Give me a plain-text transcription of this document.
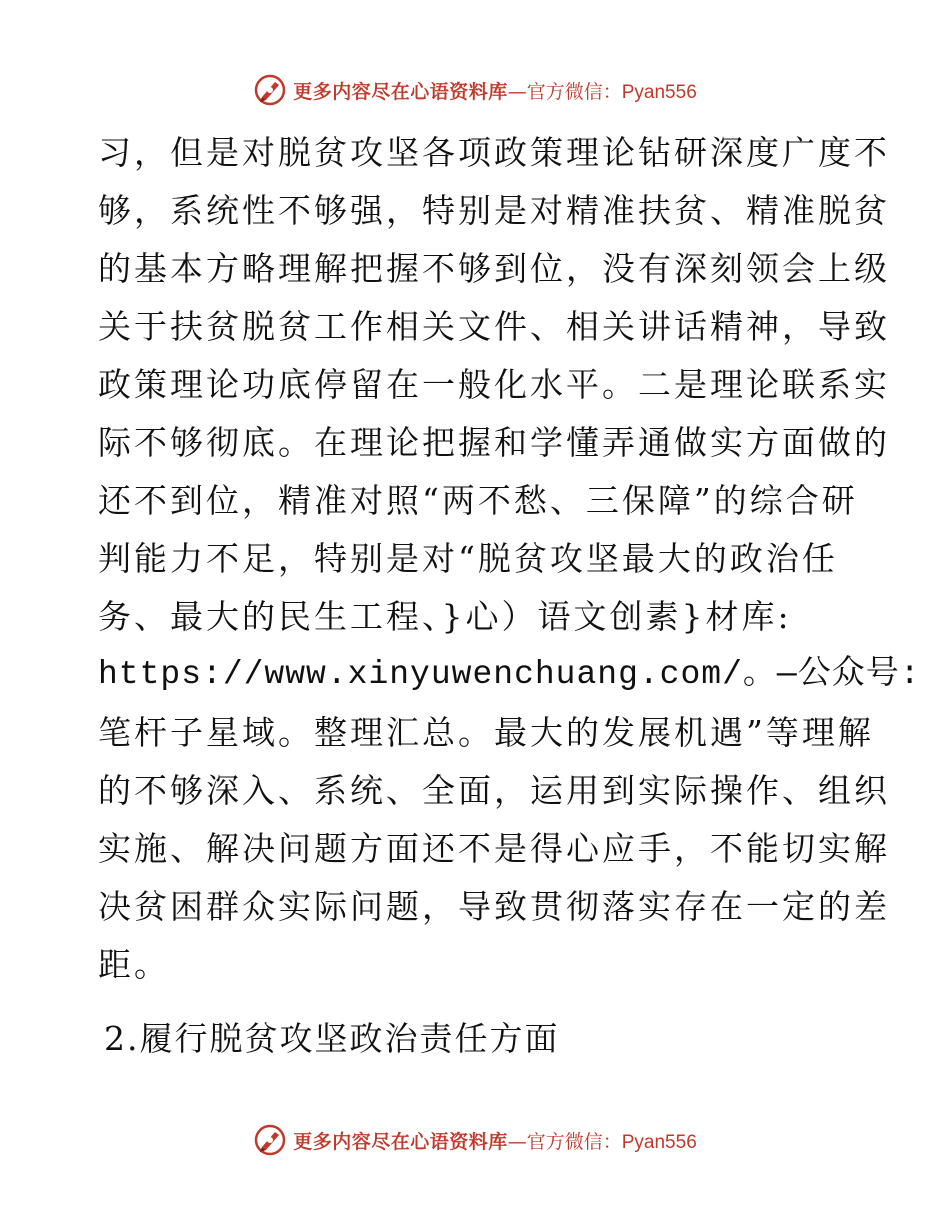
更多内容尽在心语资料库—官方微信：Pyan556
习，但是对脱贫攻坚各项政策理论钻研深度广度不
够，系统性不够强，特别是对精准扶贫、精准脱贫
的基本方略理解把握不够到位，没有深刻领会上级
关于扶贫脱贫工作相关文件、相关讲话精神，导致
政策理论功底停留在一般化水平。二是理论联系实
际不够彻底。在理论把握和学懂弄通做实方面做的
还不到位，精准对照“两不愁、三保障”的综合研
判能力不足，特别是对“脱贫攻坚最大的政治任
务、最大的民生工程、}心）语文创素}材库:
https://www.xinyuwenchuang.com/。—公众号:
笔杆子星域。整理汇总。最大的发展机遇”等理解
的不够深入、系统、全面，运用到实际操作、组织
实施、解决问题方面还不是得心应手，不能切实解
决贫困群众实际问题，导致贯彻落实存在一定的差
距。
2.履行脱贫攻坚政治责任方面
更多内容尽在心语资料库—官方微信：Pyan556
